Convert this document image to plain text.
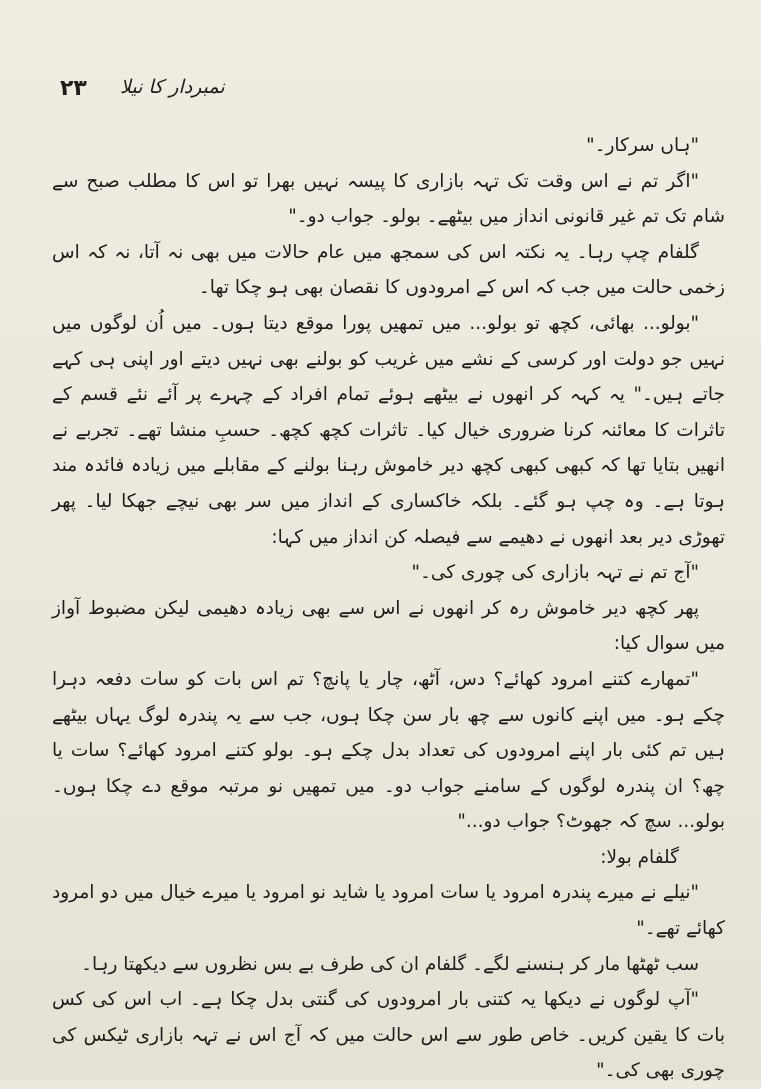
نمبردار کا نیلا
۲۳

"ہاں سرکار۔"

"اگر تم نے اس وقت تک تہہ بازاری کا پیسہ نہیں بھرا تو اس کا مطلب صبح سے شام تک تم غیر قانونی انداز میں بیٹھے۔ بولو۔ جواب دو۔"

گلفام چپ رہا۔ یہ نکتہ اس کی سمجھ میں عام حالات میں بھی نہ آتا، نہ کہ اس زخمی حالت میں جب کہ اس کے امرودوں کا نقصان بھی ہو چکا تھا۔

"بولو... بھائی، کچھ تو بولو... میں تمھیں پورا موقع دیتا ہوں۔ میں اُن لوگوں میں نہیں جو دولت اور کرسی کے نشے میں غریب کو بولنے بھی نہیں دیتے اور اپنی ہی کہے جاتے ہیں۔" یہ کہہ کر انھوں نے بیٹھے ہوئے تمام افراد کے چہرے پر آئے نئے قسم کے تاثرات کا معائنہ کرنا ضروری خیال کیا۔ تاثرات کچھ کچھ۔ حسبِ منشا تھے۔ تجربے نے انھیں بتایا تھا کہ کبھی کبھی کچھ دیر خاموش رہنا بولنے کے مقابلے میں زیادہ فائدہ مند ہوتا ہے۔ وہ چپ ہو گئے۔ بلکہ خاکساری کے انداز میں سر بھی نیچے جھکا لیا۔ پھر تھوڑی دیر بعد انھوں نے دھیمے سے فیصلہ کن انداز میں کہا:

"آج تم نے تہہ بازاری کی چوری کی۔"

پھر کچھ دیر خاموش رہ کر انھوں نے اس سے بھی زیادہ دھیمی لیکن مضبوط آواز میں سوال کیا:

"تمھارے کتنے امرود کھائے؟ دس، آٹھ، چار یا پانچ؟ تم اس بات کو سات دفعہ دہرا چکے ہو۔ میں اپنے کانوں سے چھ بار سن چکا ہوں، جب سے یہ پندرہ لوگ یہاں بیٹھے ہیں تم کئی بار اپنے امرودوں کی تعداد بدل چکے ہو۔ بولو کتنے امرود کھائے؟ سات یا چھ؟ ان پندرہ لوگوں کے سامنے جواب دو۔ میں تمھیں نو مرتبہ موقع دے چکا ہوں۔ بولو... سچ کہ جھوٹ؟ جواب دو..."

گلفام بولا:

"نیلے نے میرے پندرہ امرود یا سات امرود یا شاید نو امرود یا میرے خیال میں دو امرود کھائے تھے۔"

سب ٹھٹھا مار کر ہنسنے لگے۔ گلفام ان کی طرف بے بس نظروں سے دیکھتا رہا۔

"آپ لوگوں نے دیکھا یہ کتنی بار امرودوں کی گنتی بدل چکا ہے۔ اب اس کی کس بات کا یقین کریں۔ خاص طور سے اس حالت میں کہ آج اس نے تہہ بازاری ٹیکس کی چوری بھی کی۔"
